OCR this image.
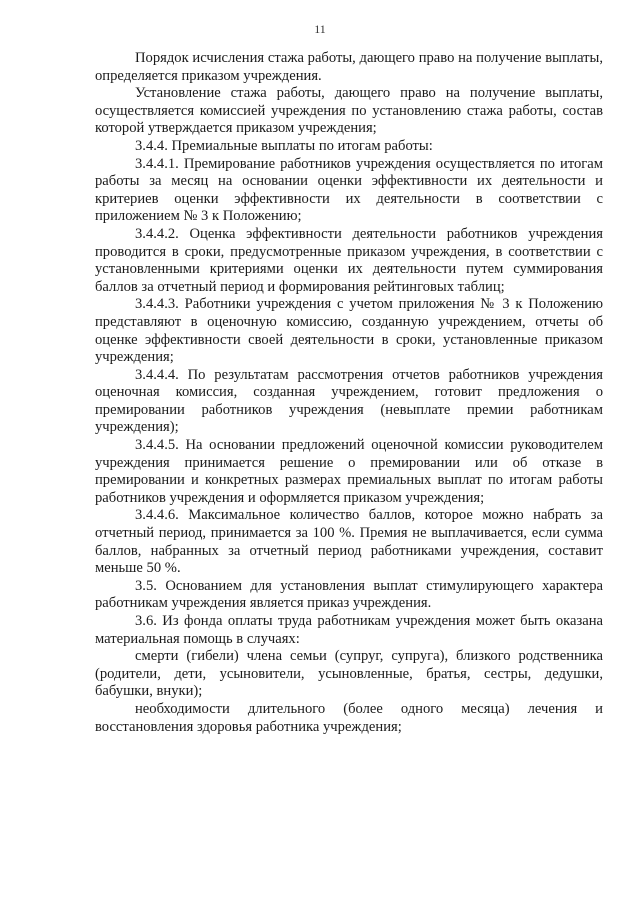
11

Порядок исчисления стажа работы, дающего право на получение выплаты, определяется приказом учреждения.

Установление стажа работы, дающего право на получение выплаты, осуществляется комиссией учреждения по установлению стажа работы, состав которой утверждается приказом учреждения;

3.4.4. Премиальные выплаты по итогам работы:

3.4.4.1. Премирование работников учреждения осуществляется по итогам работы за месяц на основании оценки эффективности их деятельности и критериев оценки эффективности их деятельности в соответствии с приложением № 3 к Положению;

3.4.4.2. Оценка эффективности деятельности работников учреждения проводится в сроки, предусмотренные приказом учреждения, в соответствии с установленными критериями оценки их деятельности путем суммирования баллов за отчетный период и формирования рейтинговых таблиц;

3.4.4.3. Работники учреждения с учетом приложения № 3 к Положению представляют в оценочную комиссию, созданную учреждением, отчеты об оценке эффективности своей деятельности в сроки, установленные приказом учреждения;

3.4.4.4. По результатам рассмотрения отчетов работников учреждения оценочная комиссия, созданная учреждением, готовит предложения о премировании работников учреждения (невыплате премии работникам учреждения);

3.4.4.5. На основании предложений оценочной комиссии руководителем учреждения принимается решение о премировании или об отказе в премировании и конкретных размерах премиальных выплат по итогам работы работников учреждения и оформляется приказом учреждения;

3.4.4.6. Максимальное количество баллов, которое можно набрать за отчетный период, принимается за 100 %. Премия не выплачивается, если сумма баллов, набранных за отчетный период работниками учреждения, составит меньше 50 %.

3.5. Основанием для установления выплат стимулирующего характера работникам учреждения является приказ учреждения.

3.6. Из фонда оплаты труда работникам учреждения может быть оказана материальная помощь в случаях:

смерти (гибели) члена семьи (супруг, супруга), близкого родственника (родители, дети, усыновители, усыновленные, братья, сестры, дедушки, бабушки, внуки);

необходимости длительного (более одного месяца) лечения и восстановления здоровья работника учреждения;
